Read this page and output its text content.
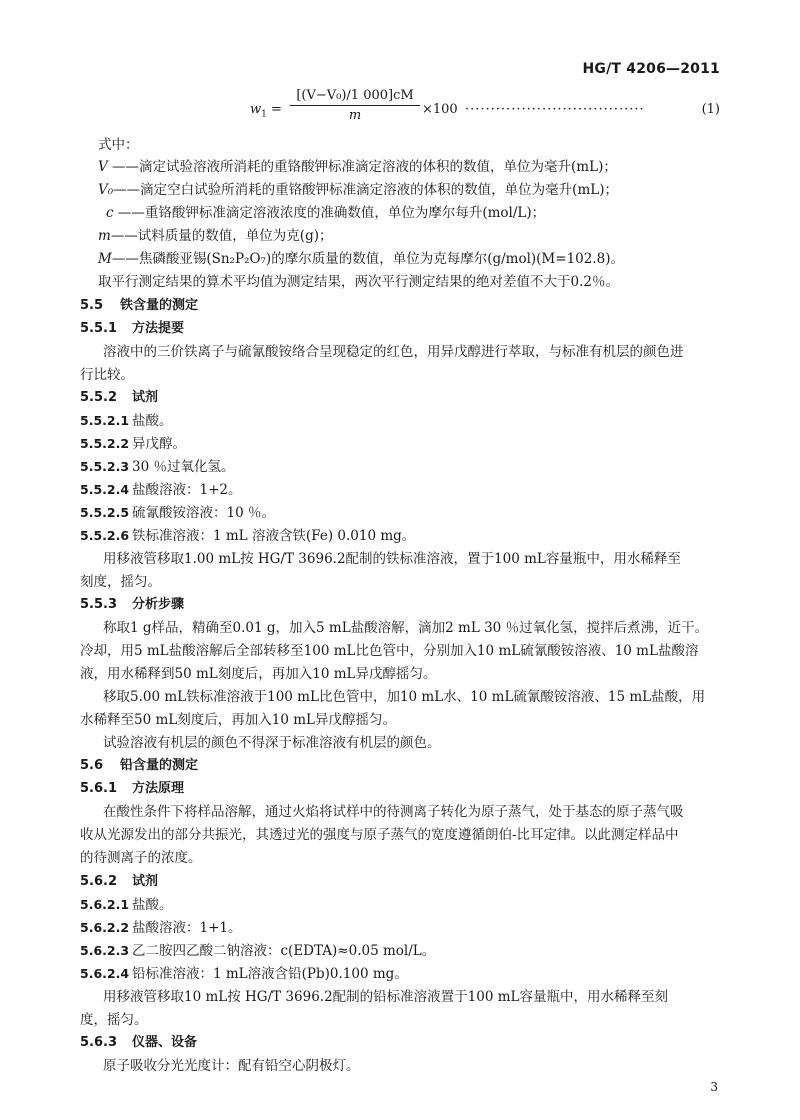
HG/T 4206—2011
$w_1$ =
[(V−V₀)/1 000]cM
m	×100 ···································	(1)
式中：
V ——滴定试验溶液所消耗的重铬酸钾标准滴定溶液的体积的数值，单位为毫升(mL)；
V₀——滴定空白试验所消耗的重铬酸钾标准滴定溶液的体积的数值，单位为毫升(mL)；
c ——重铬酸钾标准滴定溶液浓度的准确数值，单位为摩尔每升(mol/L)；
m——试料质量的数值，单位为克(g)；
M——焦磷酸亚锡(Sn₂P₂O₇)的摩尔质量的数值，单位为克每摩尔(g/mol)(M=102.8)。
取平行测定结果的算术平均值为测定结果，两次平行测定结果的绝对差值不大于0.2％。
5.5 铁含量的测定
5.5.1 方法提要
溶液中的三价铁离子与硫氰酸铵络合呈现稳定的红色，用异戊醇进行萃取，与标准有机层的颜色进
行比较。
5.5.2 试剂
5.5.2.1 盐酸。
5.5.2.2 异戊醇。
5.5.2.3 30 ％过氧化氢。
5.5.2.4 盐酸溶液：1+2。
5.5.2.5 硫氰酸铵溶液：10 ％。
5.5.2.6 铁标准溶液：1 mL 溶液含铁(Fe) 0.010 mg。
用移液管移取1.00 mL按 HG/T 3696.2配制的铁标准溶液，置于100 mL容量瓶中，用水稀释至
刻度，摇匀。
5.5.3 分析步骤
称取1 g样品，精确至0.01 g，加入5 mL盐酸溶解，滴加2 mL 30 ％过氧化氢，搅拌后煮沸，近干。
冷却，用5 mL盐酸溶解后全部转移至100 mL比色管中，分别加入10 mL硫氰酸铵溶液、10 mL盐酸溶
液，用水稀释到50 mL刻度后，再加入10 mL异戊醇摇匀。
移取5.00 mL铁标准溶液于100 mL比色管中，加10 mL水、10 mL硫氰酸铵溶液、15 mL盐酸，用
水稀释至50 mL刻度后，再加入10 mL异戊醇摇匀。
试验溶液有机层的颜色不得深于标准溶液有机层的颜色。
5.6 铅含量的测定
5.6.1 方法原理
在酸性条件下将样品溶解，通过火焰将试样中的待测离子转化为原子蒸气，处于基态的原子蒸气吸
收从光源发出的部分共振光，其透过光的强度与原子蒸气的宽度遵循朗伯-比耳定律。以此测定样品中
的待测离子的浓度。
5.6.2 试剂
5.6.2.1 盐酸。
5.6.2.2 盐酸溶液：1+1。
5.6.2.3 乙二胺四乙酸二钠溶液：c(EDTA)≈0.05 mol/L。
5.6.2.4 铅标准溶液：1 mL溶液含铅(Pb)0.100 mg。
用移液管移取10 mL按 HG/T 3696.2配制的铅标准溶液置于100 mL容量瓶中，用水稀释至刻
度，摇匀。
5.6.3 仪器、设备
原子吸收分光光度计：配有铅空心阴极灯。
3
